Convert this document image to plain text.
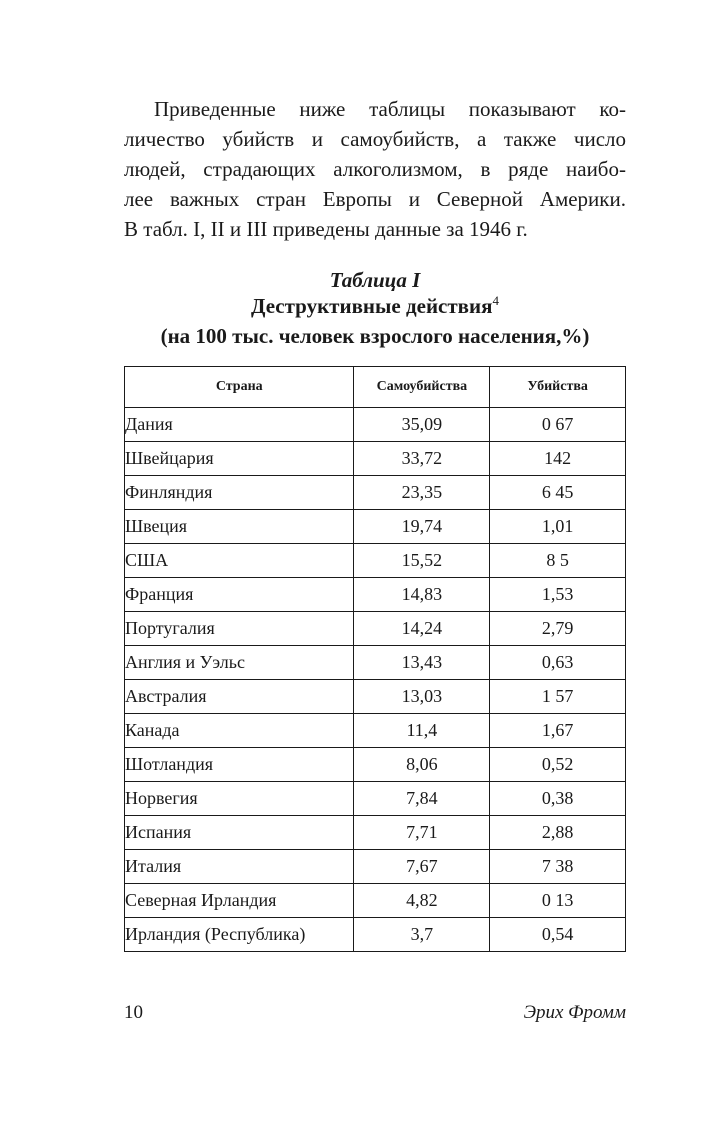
Приведенные ниже таблицы показывают ко-
личество убийств и самоубийств, а также число
людей, страдающих алкоголизмом, в ряде наибо-
лее важных стран Европы и Северной Америки.
В табл. I, II и III приведены данные за 1946 г.
Таблица I
Деструктивные действия$^4$
(на 100 тыс. человек взрослого населения,%)
Страна	Самоубийства	Убийства
Дания	35,09	0 67
Швейцария	33,72	142
Финляндия	23,35	6 45
Швеция	19,74	1,01
США	15,52	8 5
Франция	14,83	1,53
Португалия	14,24	2,79
Англия и Уэльс	13,43	0,63
Австралия	13,03	1 57
Канада	11,4	1,67
Шотландия	8,06	0,52
Норвегия	7,84	0,38
Испания	7,71	2,88
Италия	7,67	7 38
Северная Ирландия	4,82	0 13
Ирландия (Республика)	3,7	0,54
10	Эрих Фромм
